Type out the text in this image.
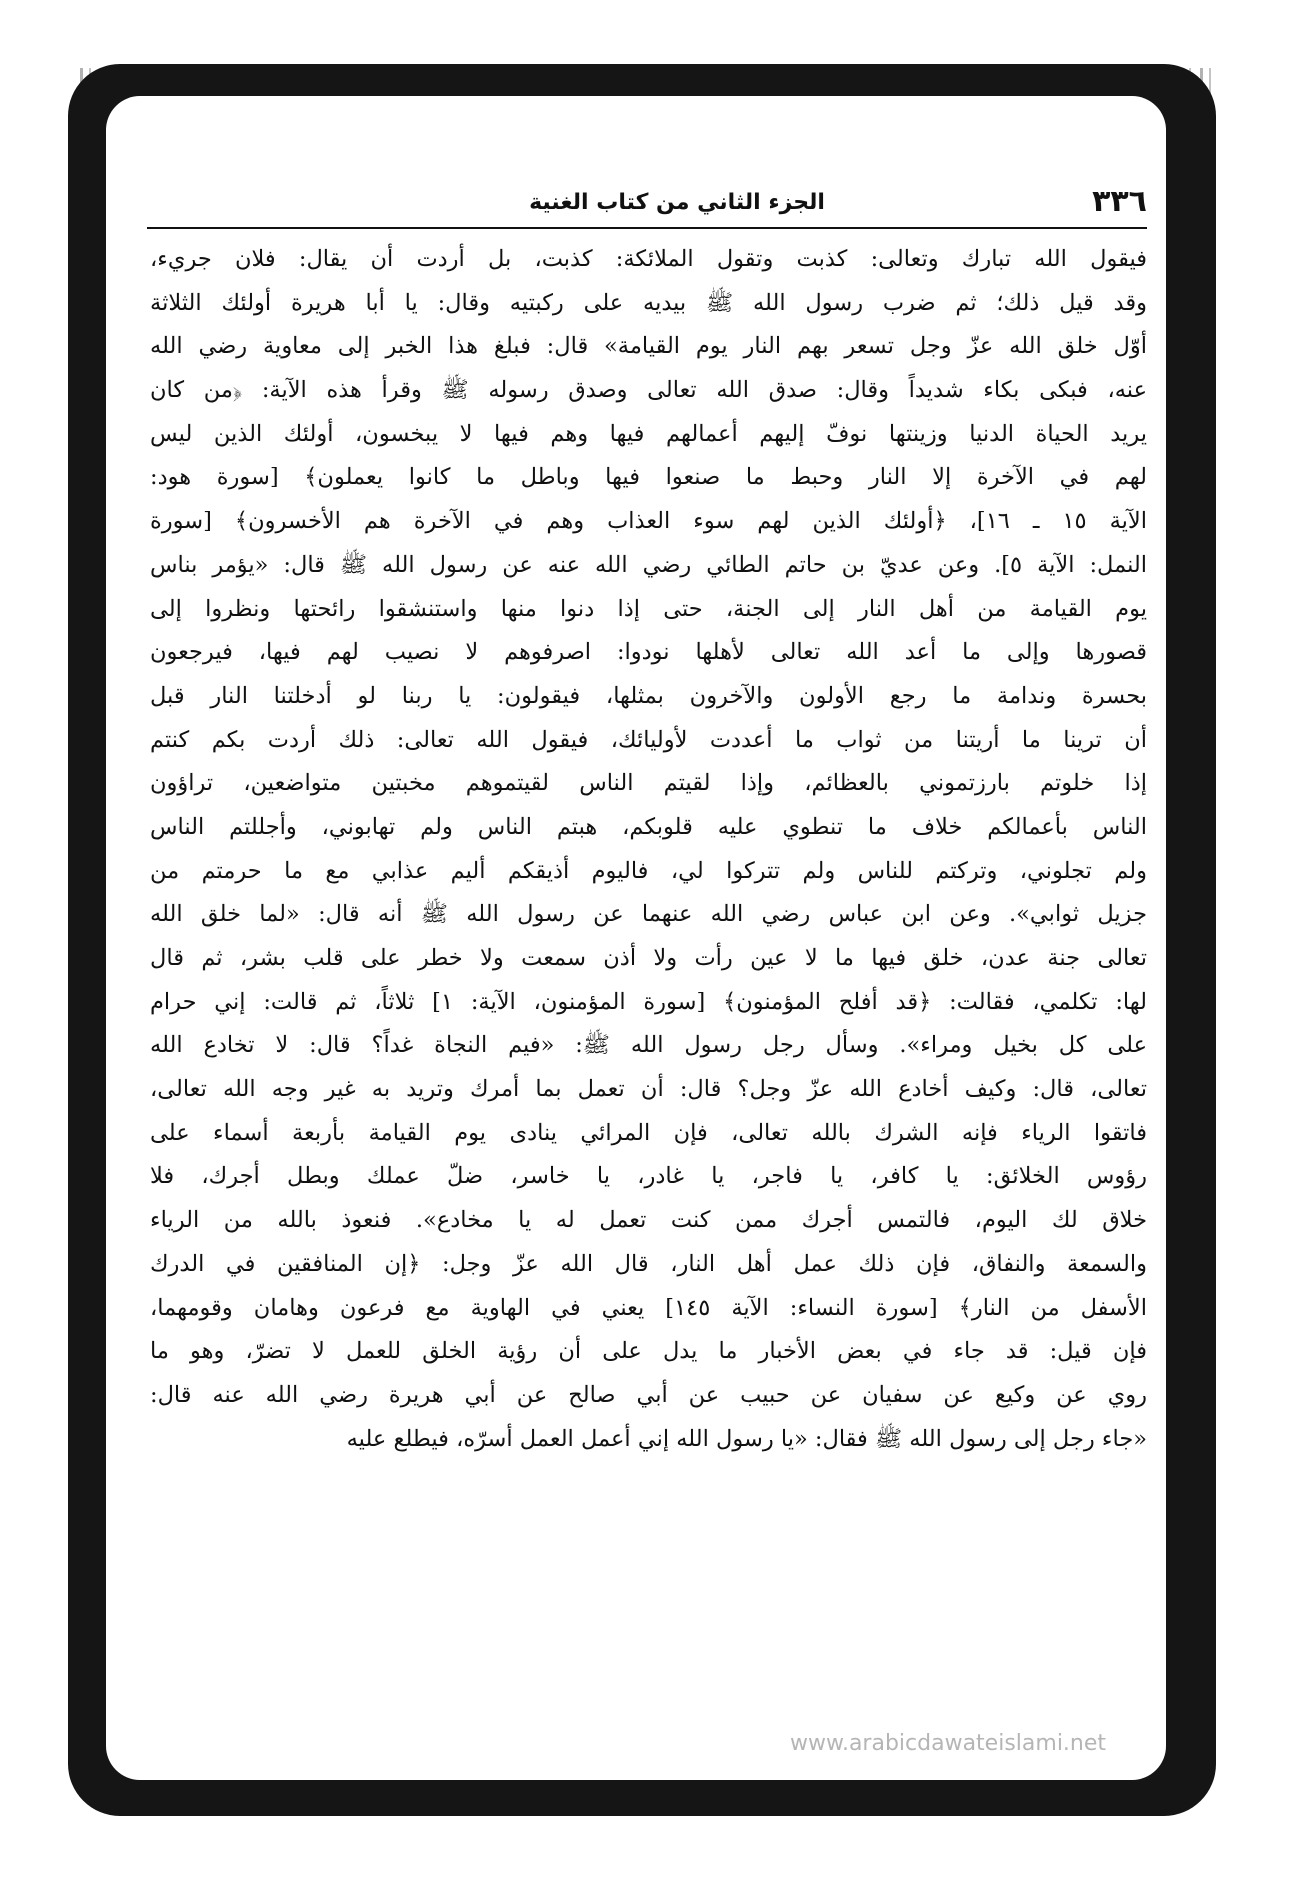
٣٣٦
الجزء الثاني من كتاب الغنية
فيقول الله تبارك وتعالى: كذبت وتقول الملائكة: كذبت، بل أردت أن يقال: فلان جريء،
وقد قيل ذلك؛ ثم ضرب رسول الله ﷺ بيديه على ركبتيه وقال: يا أبا هريرة أولئك الثلاثة
أوّل خلق الله عزّ وجل تسعر بهم النار يوم القيامة» قال: فبلغ هذا الخبر إلى معاوية رضي الله
عنه، فبكى بكاء شديداً وقال: صدق الله تعالى وصدق رسوله ﷺ وقرأ هذه الآية: ﴿من كان
يريد الحياة الدنيا وزينتها نوفّ إليهم أعمالهم فيها وهم فيها لا يبخسون، أولئك الذين ليس
لهم في الآخرة إلا النار وحبط ما صنعوا فيها وباطل ما كانوا يعملون﴾ [سورة هود:
الآية ١٥ ـ ١٦]، ﴿أولئك الذين لهم سوء العذاب وهم في الآخرة هم الأخسرون﴾ [سورة
النمل: الآية ٥]. وعن عديّ بن حاتم الطائي رضي الله عنه عن رسول الله ﷺ قال: «يؤمر بناس
يوم القيامة من أهل النار إلى الجنة، حتى إذا دنوا منها واستنشقوا رائحتها ونظروا إلى
قصورها وإلى ما أعد الله تعالى لأهلها نودوا: اصرفوهم لا نصيب لهم فيها، فيرجعون
بحسرة وندامة ما رجع الأولون والآخرون بمثلها، فيقولون: يا ربنا لو أدخلتنا النار قبل
أن ترينا ما أريتنا من ثواب ما أعددت لأوليائك، فيقول الله تعالى: ذلك أردت بكم كنتم
إذا خلوتم بارزتموني بالعظائم، وإذا لقيتم الناس لقيتموهم مخبتين متواضعين، تراؤون
الناس بأعمالكم خلاف ما تنطوي عليه قلوبكم، هبتم الناس ولم تهابوني، وأجللتم الناس
ولم تجلوني، وتركتم للناس ولم تتركوا لي، فاليوم أذيقكم أليم عذابي مع ما حرمتم من
جزيل ثوابي». وعن ابن عباس رضي الله عنهما عن رسول الله ﷺ أنه قال: «لما خلق الله
تعالى جنة عدن، خلق فيها ما لا عين رأت ولا أذن سمعت ولا خطر على قلب بشر، ثم قال
لها: تكلمي، فقالت: ﴿قد أفلح المؤمنون﴾ [سورة المؤمنون، الآية: ١] ثلاثاً، ثم قالت: إني حرام
على كل بخيل ومراء». وسأل رجل رسول الله ﷺ: «فيم النجاة غداً؟ قال: لا تخادع الله
تعالى، قال: وكيف أخادع الله عزّ وجل؟ قال: أن تعمل بما أمرك وتريد به غير وجه الله تعالى،
فاتقوا الرياء فإنه الشرك بالله تعالى، فإن المرائي ينادى يوم القيامة بأربعة أسماء على
رؤوس الخلائق: يا كافر، يا فاجر، يا غادر، يا خاسر، ضلّ عملك وبطل أجرك، فلا
خلاق لك اليوم، فالتمس أجرك ممن كنت تعمل له يا مخادع». فنعوذ بالله من الرياء
والسمعة والنفاق، فإن ذلك عمل أهل النار، قال الله عزّ وجل: ﴿إن المنافقين في الدرك
الأسفل من النار﴾ [سورة النساء: الآية ١٤٥] يعني في الهاوية مع فرعون وهامان وقومهما،
فإن قيل: قد جاء في بعض الأخبار ما يدل على أن رؤية الخلق للعمل لا تضرّ، وهو ما
روي عن وكيع عن سفيان عن حبيب عن أبي صالح عن أبي هريرة رضي الله عنه قال:
«جاء رجل إلى رسول الله ﷺ فقال: «يا رسول الله إني أعمل العمل أسرّه، فيطلع عليه
www.arabicdawateislami.net
